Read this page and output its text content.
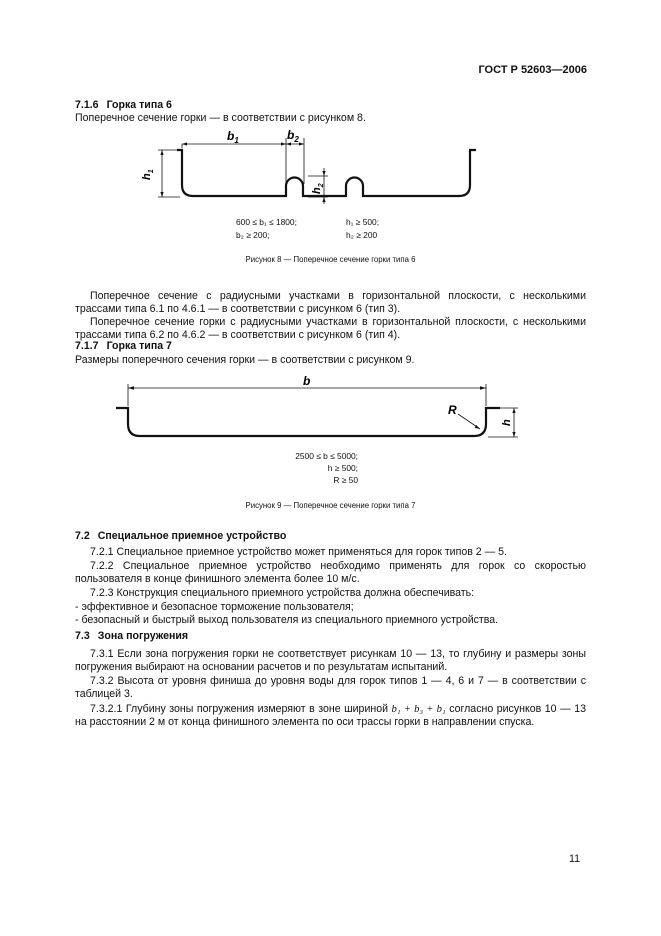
ГОСТ Р 52603—2006
7.1.6 Горка типа 6
Поперечное сечение горки — в соответствии с рисунком 8.
$b_1$	$b_2$
$h_1$
$h_2$
600 ≤ b₁ ≤ 1800;	h₁ ≥ 500;
b₂ ≥ 200;	h₂ ≥ 200
Рисунок 8 — Поперечное сечение горки типа 6
Поперечное сечение с радиусными участками в горизонтальной плоскости, с несколькими трассами типа 6.1 по 4.6.1 — в соответствии с рисунком 6 (тип 3).
Поперечное сечение горки с радиусными участками в горизонтальной плоскости, с несколькими трассами типа 6.2 по 4.6.2 — в соответствии с рисунком 6 (тип 4).
7.1.7 Горка типа 7
Размеры поперечного сечения горки — в соответствии с рисунком 9.
b
R
h
2500 ≤ b ≤ 5000;
h ≥ 500;
R ≥ 50
Рисунок 9 — Поперечное сечение горки типа 7
7.2 Специальное приемное устройство
7.2.1 Специальное приемное устройство может применяться для горок типов 2 — 5.
7.2.2 Специальное приемное устройство необходимо применять для горок со скоростью пользователя в конце финишного элемента более 10 м/с.
7.2.3 Конструкция специального приемного устройства должна обеспечивать:
- эффективное и безопасное торможение пользователя;
- безопасный и быстрый выход пользователя из специального приемного устройства.
7.3 Зона погружения
7.3.1 Если зона погружения горки не соответствует рисункам 10 — 13, то глубину и размеры зоны погружения выбирают на основании расчетов и по результатам испытаний.
7.3.2 Высота от уровня финиша до уровня воды для горок типов 1 — 4, 6 и 7 — в соответствии с таблицей 3.
7.3.2.1 Глубину зоны погружения измеряют в зоне шириной b₁ + b₃ + b₁ согласно рисунков 10 — 13 на расстоянии 2 м от конца финишного элемента по оси трассы горки в направлении спуска.
11
